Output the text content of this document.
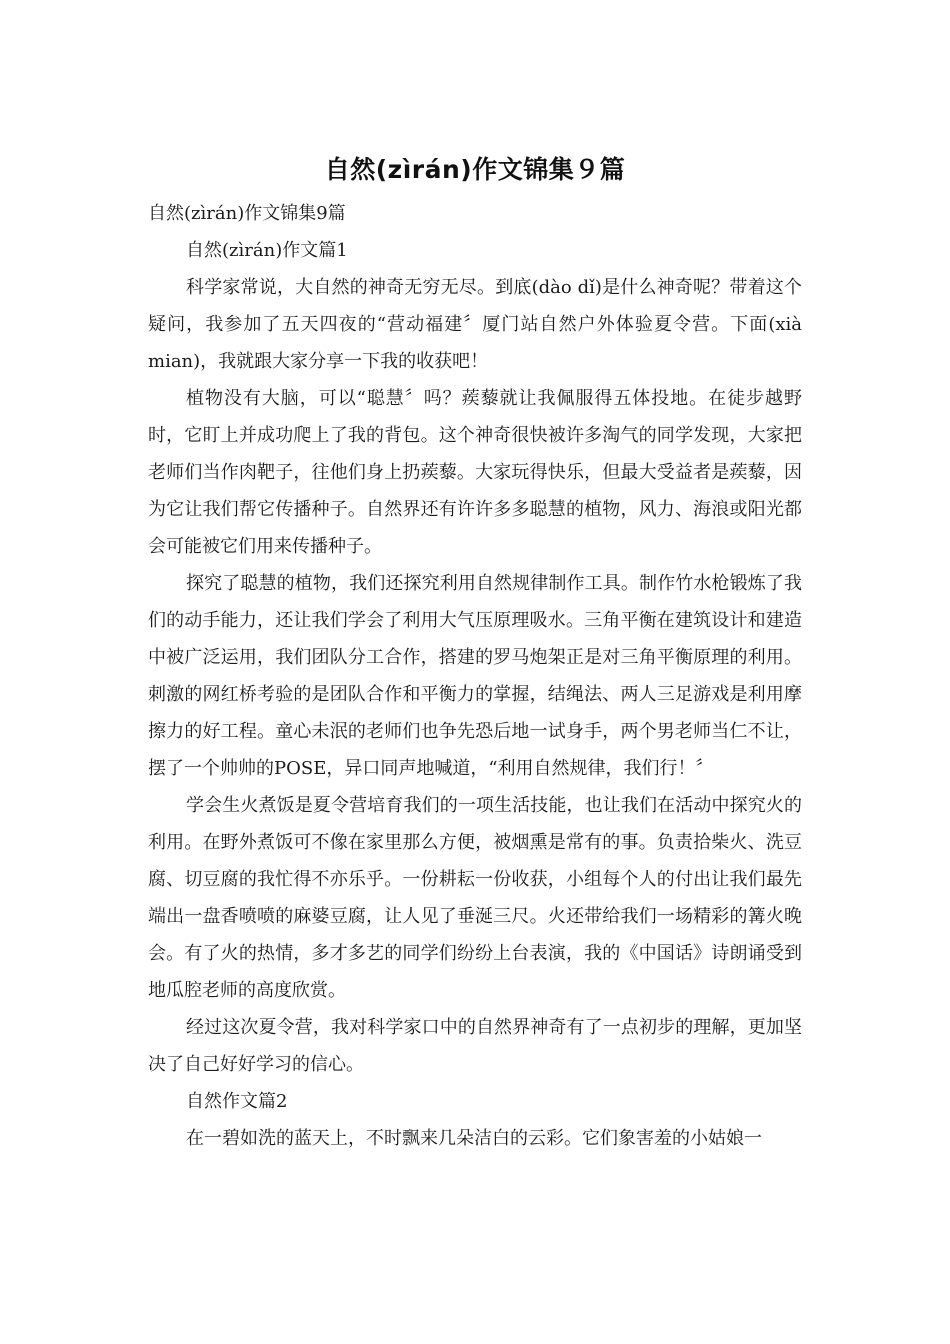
自然(zìrán)作文锦集９篇

自然(zìrán)作文锦集9篇

自然(zìrán)作文篇1

科学家常说，大自然的神奇无穷无尽。到底(dào dǐ)是什么神奇呢？带着这个疑问，我参加了五天四夜的“营动福建〞厦门站自然户外体验夏令营。下面(xià mian)，我就跟大家分享一下我的收获吧！

植物没有大脑，可以“聪慧〞吗？蒺藜就让我佩服得五体投地。在徒步越野时，它盯上并成功爬上了我的背包。这个神奇很快被许多淘气的同学发现，大家把老师们当作肉靶子，往他们身上扔蒺藜。大家玩得快乐，但最大受益者是蒺藜，因为它让我们帮它传播种子。自然界还有许许多多聪慧的植物，风力、海浪或阳光都会可能被它们用来传播种子。

探究了聪慧的植物，我们还探究利用自然规律制作工具。制作竹水枪锻炼了我们的动手能力，还让我们学会了利用大气压原理吸水。三角平衡在建筑设计和建造中被广泛运用，我们团队分工合作，搭建的罗马炮架正是对三角平衡原理的利用。刺激的网红桥考验的是团队合作和平衡力的掌握，结绳法、两人三足游戏是利用摩擦力的好工程。童心未泯的老师们也争先恐后地一试身手，两个男老师当仁不让，摆了一个帅帅的POSE，异口同声地喊道，“利用自然规律，我们行！〞

学会生火煮饭是夏令营培育我们的一项生活技能，也让我们在活动中探究火的利用。在野外煮饭可不像在家里那么方便，被烟熏是常有的事。负责拾柴火、洗豆腐、切豆腐的我忙得不亦乐乎。一份耕耘一份收获，小组每个人的付出让我们最先端出一盘香喷喷的麻婆豆腐，让人见了垂涎三尺。火还带给我们一场精彩的篝火晚会。有了火的热情，多才多艺的同学们纷纷上台表演，我的《中国话》诗朗诵受到地瓜腔老师的高度欣赏。

经过这次夏令营，我对科学家口中的自然界神奇有了一点初步的理解，更加坚决了自己好好学习的信心。

自然作文篇2

在一碧如洗的蓝天上，不时飘来几朵洁白的云彩。它们象害羞的小姑娘一
